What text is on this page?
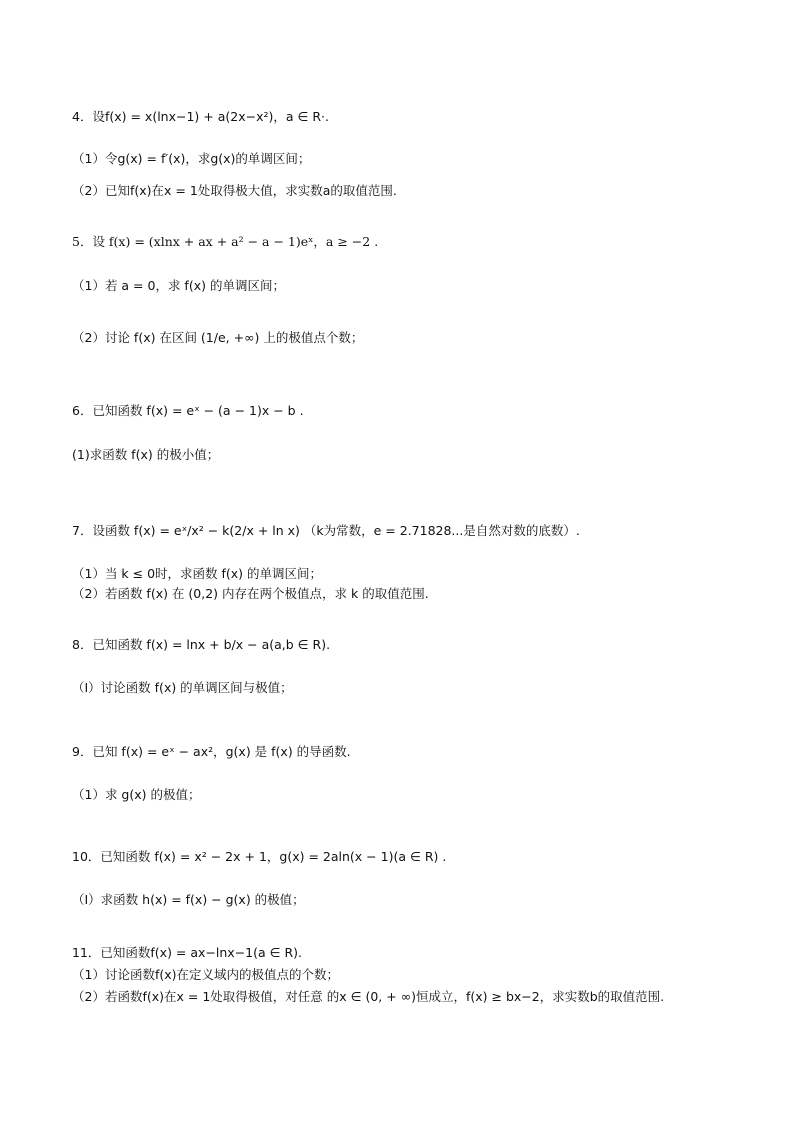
4．设f(x) = x(lnx−1) + a(2x−x²)，a ∈ R·.
（1）令g(x) = f′(x)，求g(x)的单调区间；
（2）已知f(x)在x = 1处取得极大值，求实数a的取值范围.
5．设 f(x) = (xlnx + ax + a² − a − 1)eˣ，a ≥ −2 .
（1）若 a = 0，求 f(x) 的单调区间；
（2）讨论 f(x) 在区间 (1/e, +∞) 上的极值点个数；
6．已知函数 f(x) = eˣ − (a − 1)x − b .
(1)求函数 f(x) 的极小值；
7．设函数 f(x) = eˣ/x² − k(2/x + ln x) （k为常数，e = 2.71828...是自然对数的底数）.
（1）当 k ≤ 0时，求函数 f(x) 的单调区间；
（2）若函数 f(x) 在 (0,2) 内存在两个极值点，求 k 的取值范围.
8．已知函数 f(x) = lnx + b/x − a(a,b ∈ R).
（Ⅰ）讨论函数 f(x) 的单调区间与极值；
9．已知 f(x) = eˣ − ax²，g(x) 是 f(x) 的导函数.
（1）求 g(x) 的极值；
10．已知函数 f(x) = x² − 2x + 1，g(x) = 2aln(x − 1)(a ∈ R) .
（Ⅰ）求函数 h(x) = f(x) − g(x) 的极值；
11．已知函数f(x) = ax−lnx−1(a ∈ R).
（1）讨论函数f(x)在定义域内的极值点的个数；
（2）若函数f(x)在x = 1处取得极值，对任意 的x ∈ (0, + ∞)恒成立，f(x) ≥ bx−2，求实数b的取值范围.
